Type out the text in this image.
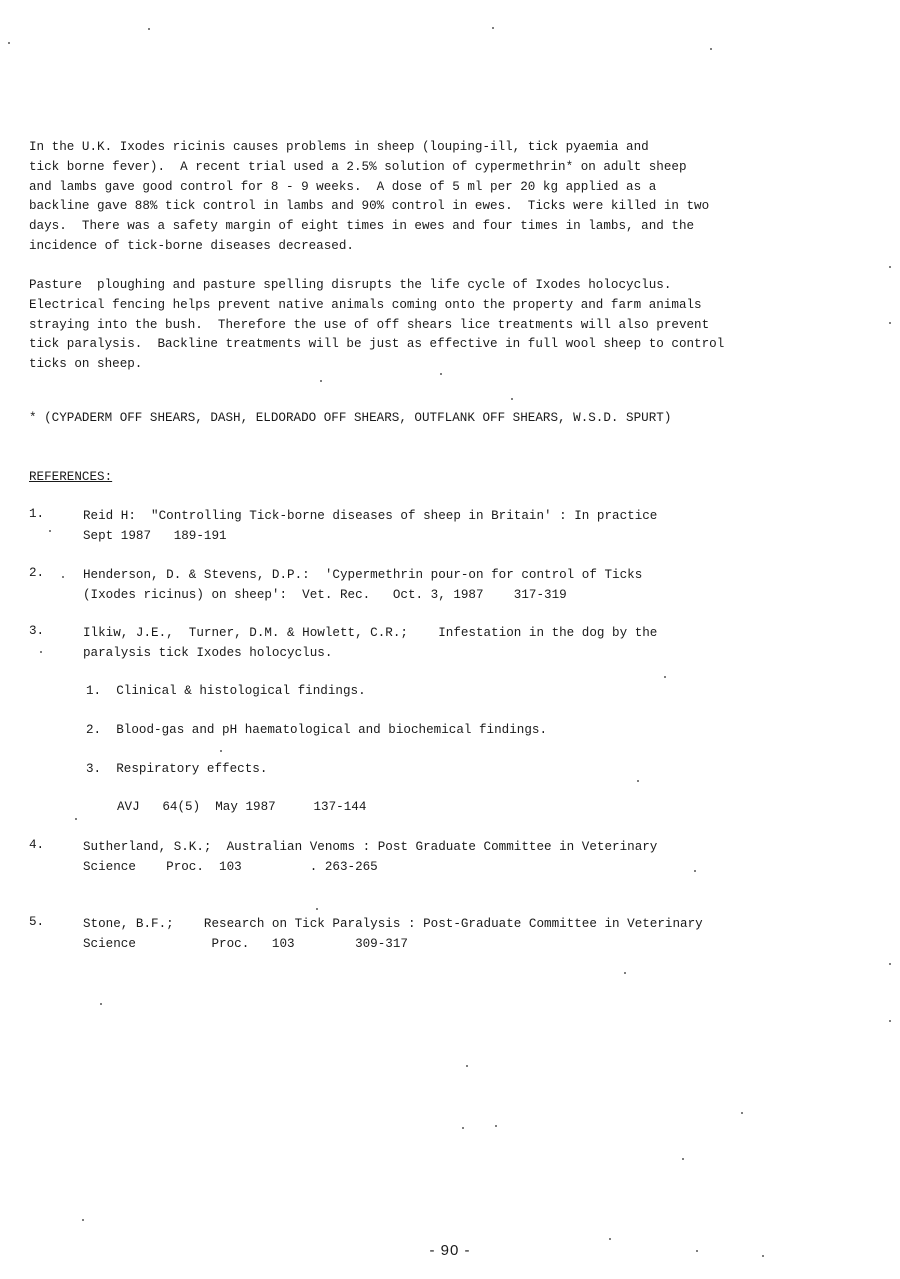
In the U.K. Ixodes ricinis causes problems in sheep (louping-ill, tick pyaemia and
tick borne fever).  A recent trial used a 2.5% solution of cypermethrin* on adult sheep
and lambs gave good control for 8 - 9 weeks.  A dose of 5 ml per 20 kg applied as a
backline gave 88% tick control in lambs and 90% control in ewes.  Ticks were killed in two
days.  There was a safety margin of eight times in ewes and four times in lambs, and the
incidence of tick-borne diseases decreased.
Pasture  ploughing and pasture spelling disrupts the life cycle of Ixodes holocyclus.
Electrical fencing helps prevent native animals coming onto the property and farm animals
straying into the bush.  Therefore the use of off shears lice treatments will also prevent
tick paralysis.  Backline treatments will be just as effective in full wool sheep to control
ticks on sheep.
* (CYPADERM OFF SHEARS, DASH, ELDORADO OFF SHEARS, OUTFLANK OFF SHEARS, W.S.D. SPURT)
REFERENCES:
1.	Reid H:  "Controlling Tick-borne diseases of sheep in Britain' : In practice
Sept 1987   189-191
2.	Henderson, D. & Stevens, D.P.:  'Cypermethrin pour-on for control of Ticks
(Ixodes ricinus) on sheep':  Vet. Rec.   Oct. 3, 1987    317-319
3.	Ilkiw, J.E.,  Turner, D.M. & Howlett, C.R.;    Infestation in the dog by the
paralysis tick Ixodes holocyclus.
1.  Clinical & histological findings.
2.  Blood-gas and pH haematological and biochemical findings.
3.  Respiratory effects.
AVJ   64(5)  May 1987     137-144
4.	Sutherland, S.K.;  Australian Venoms : Post Graduate Committee in Veterinary
Science    Proc.  103         . 263-265
5.	Stone, B.F.;    Research on Tick Paralysis : Post-Graduate Committee in Veterinary
Science          Proc.   103        309-317
- 90 -
